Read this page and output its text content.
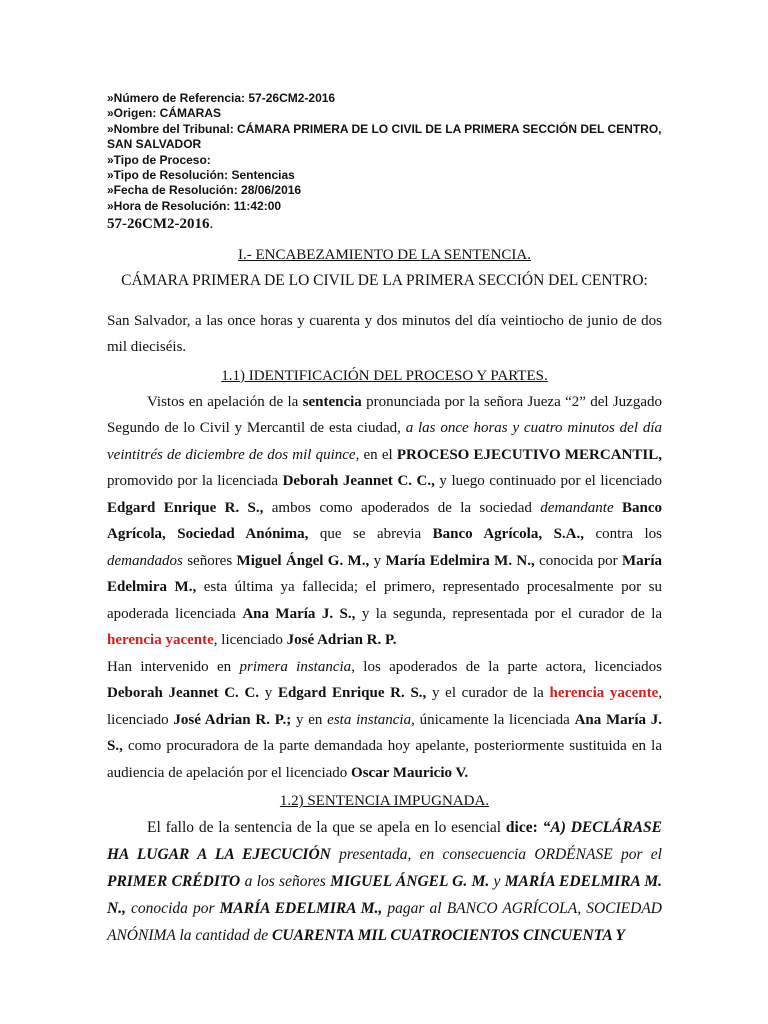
»Número de Referencia: 57-26CM2-2016
»Origen: CÁMARAS
»Nombre del Tribunal: CÁMARA PRIMERA DE LO CIVIL DE LA PRIMERA SECCIÓN DEL CENTRO, SAN SALVADOR
»Tipo de Proceso:
»Tipo de Resolución: Sentencias
»Fecha de Resolución: 28/06/2016
»Hora de Resolución: 11:42:00
57-26CM2-2016.

I.- ENCABEZAMIENTO DE LA SENTENCIA.

CÁMARA PRIMERA DE LO CIVIL DE LA PRIMERA SECCIÓN DEL CENTRO:

San Salvador, a las once horas y cuarenta y dos minutos del día veintiocho de junio de dos mil dieciséis.

1.1) IDENTIFICACIÓN DEL PROCESO Y PARTES.

Vistos en apelación de la sentencia pronunciada por la señora Jueza “2” del Juzgado Segundo de lo Civil y Mercantil de esta ciudad, a las once horas y cuatro minutos del día veintitrés de diciembre de dos mil quince, en el PROCESO EJECUTIVO MERCANTIL, promovido por la licenciada Deborah Jeannet C. C., y luego continuado por el licenciado Edgard Enrique R. S., ambos como apoderados de la sociedad demandante Banco Agrícola, Sociedad Anónima, que se abrevia Banco Agrícola, S.A., contra los demandados señores Miguel Ángel G. M., y María Edelmira M. N., conocida por María Edelmira M., esta última ya fallecida; el primero, representado procesalmente por su apoderada licenciada Ana María J. S., y la segunda, representada por el curador de la herencia yacente, licenciado José Adrian R. P.

Han intervenido en primera instancia, los apoderados de la parte actora, licenciados Deborah Jeannet C. C. y Edgard Enrique R. S., y el curador de la herencia yacente, licenciado José Adrian R. P.; y en esta instancia, únicamente la licenciada Ana María J. S., como procuradora de la parte demandada hoy apelante, posteriormente sustituida en la audiencia de apelación por el licenciado Oscar Mauricio V.

1.2) SENTENCIA IMPUGNADA.

El fallo de la sentencia de la que se apela en lo esencial dice: “A) DECLÁRASE HA LUGAR A LA EJECUCIÓN presentada, en consecuencia ORDÉNASE por el PRIMER CRÉDITO a los señores MIGUEL ÁNGEL G. M. y MARÍA EDELMIRA M. N., conocida por MARÍA EDELMIRA M., pagar al BANCO AGRÍCOLA, SOCIEDAD ANÓNIMA la cantidad de CUARENTA MIL CUATROCIENTOS CINCUENTA Y
